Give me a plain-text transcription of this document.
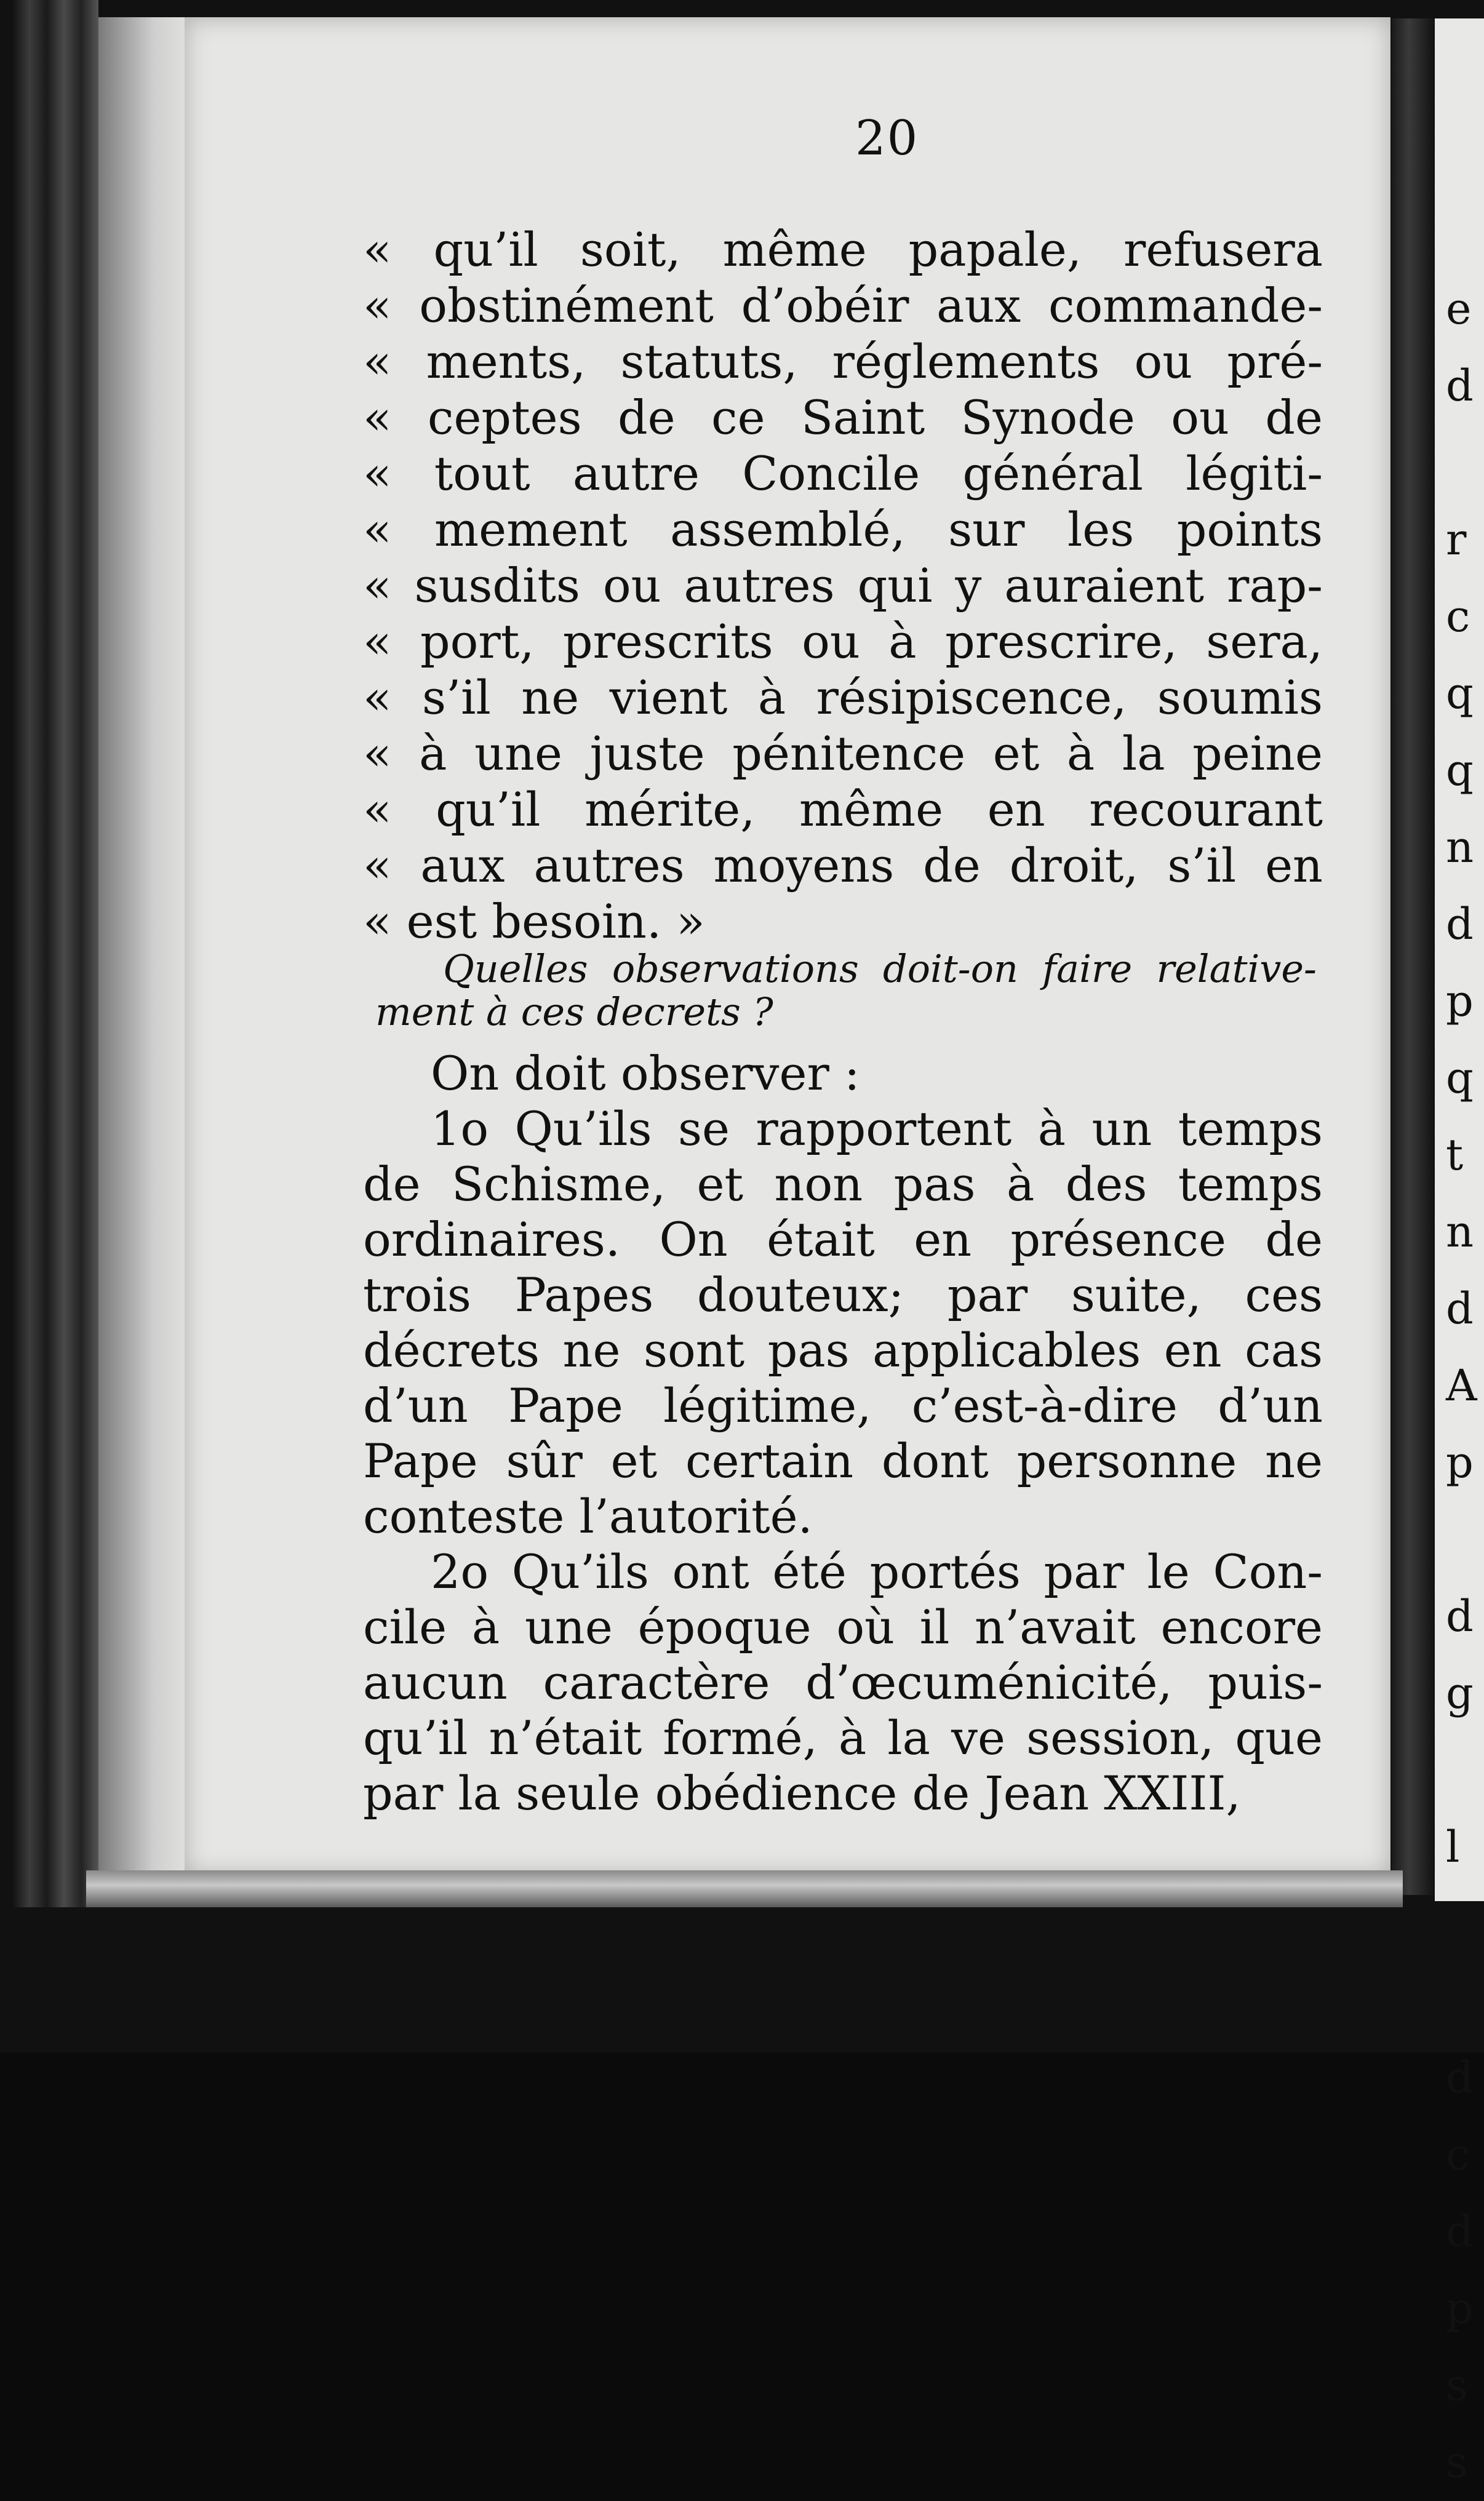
20
« qu’il soit, même papale, refusera
« obstinément d’obéir aux commande-
« ments, statuts, réglements ou pré-
« ceptes de ce Saint Synode ou de
« tout autre Concile général légiti-
« mement assemblé, sur les points
« susdits ou autres qui y auraient rap-
« port, prescrits ou à prescrire, sera,
« s’il ne vient à résipiscence, soumis
« à une juste pénitence et à la peine
« qu’il mérite, même en recourant
« aux autres moyens de droit, s’il en
« est besoin. »
Quelles observations doit-on faire relative-
ment à ces decrets ?
On doit observer :
1o Qu’ils se rapportent à un temps
de Schisme, et non pas à des temps
ordinaires. On était en présence de
trois Papes douteux; par suite, ces
décrets ne sont pas applicables en cas
d’un Pape légitime, c’est-à-dire d’un
Pape sûr et certain dont personne ne
conteste l’autorité.
2o Qu’ils ont été portés par le Con-
cile à une époque où il n’avait encore
aucun caractère d’œcuménicité, puis-
qu’il n’était formé, à la ve session, que
par la seule obédience de Jean XXIII,
e
d

r
c
q
q
n
d
p
q
t
n
d
A
p

d
g

l

d
d
c
d
p
s
s
